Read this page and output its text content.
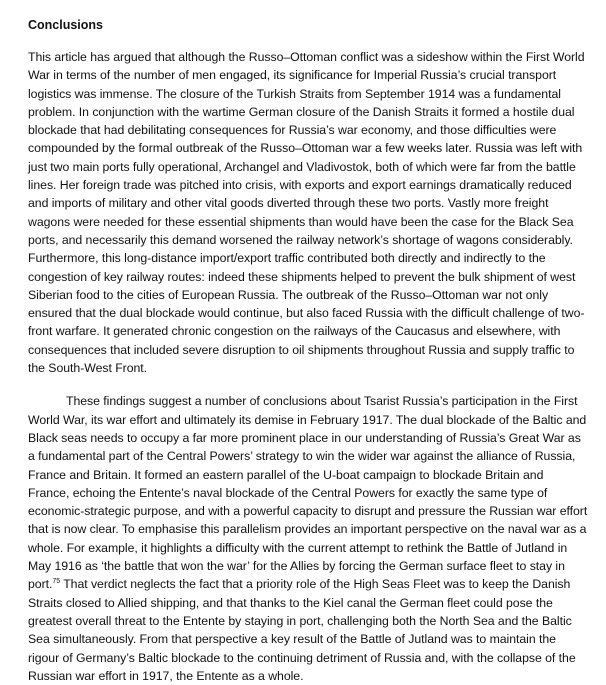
Conclusions

This article has argued that although the Russo–Ottoman conflict was a sideshow within the First World War in terms of the number of men engaged, its significance for Imperial Russia’s crucial transport logistics was immense. The closure of the Turkish Straits from September 1914 was a fundamental problem. In conjunction with the wartime German closure of the Danish Straits it formed a hostile dual blockade that had debilitating consequences for Russia’s war economy, and those difficulties were compounded by the formal outbreak of the Russo–Ottoman war a few weeks later. Russia was left with just two main ports fully operational, Archangel and Vladivostok, both of which were far from the battle lines. Her foreign trade was pitched into crisis, with exports and export earnings dramatically reduced and imports of military and other vital goods diverted through these two ports. Vastly more freight wagons were needed for these essential shipments than would have been the case for the Black Sea ports, and necessarily this demand worsened the railway network’s shortage of wagons considerably. Furthermore, this long-distance import/export traffic contributed both directly and indirectly to the congestion of key railway routes: indeed these shipments helped to prevent the bulk shipment of west Siberian food to the cities of European Russia. The outbreak of the Russo–Ottoman war not only ensured that the dual blockade would continue, but also faced Russia with the difficult challenge of two-front warfare. It generated chronic congestion on the railways of the Caucasus and elsewhere, with consequences that included severe disruption to oil shipments throughout Russia and supply traffic to the South-West Front.

These findings suggest a number of conclusions about Tsarist Russia’s participation in the First World War, its war effort and ultimately its demise in February 1917. The dual blockade of the Baltic and Black seas needs to occupy a far more prominent place in our understanding of Russia’s Great War as a fundamental part of the Central Powers’ strategy to win the wider war against the alliance of Russia, France and Britain. It formed an eastern parallel of the U-boat campaign to blockade Britain and France, echoing the Entente’s naval blockade of the Central Powers for exactly the same type of economic-strategic purpose, and with a powerful capacity to disrupt and pressure the Russian war effort that is now clear. To emphasise this parallelism provides an important perspective on the naval war as a whole. For example, it highlights a difficulty with the current attempt to rethink the Battle of Jutland in May 1916 as ‘the battle that won the war’ for the Allies by forcing the German surface fleet to stay in port.$^{75}$ That verdict neglects the fact that a priority role of the High Seas Fleet was to keep the Danish Straits closed to Allied shipping, and that thanks to the Kiel canal the German fleet could pose the greatest overall threat to the Entente by staying in port, challenging both the North Sea and the Baltic Sea simultaneously. From that perspective a key result of the Battle of Jutland was to maintain the rigour of Germany’s Baltic blockade to the continuing detriment of Russia and, with the collapse of the Russian war effort in 1917, the Entente as a whole.
